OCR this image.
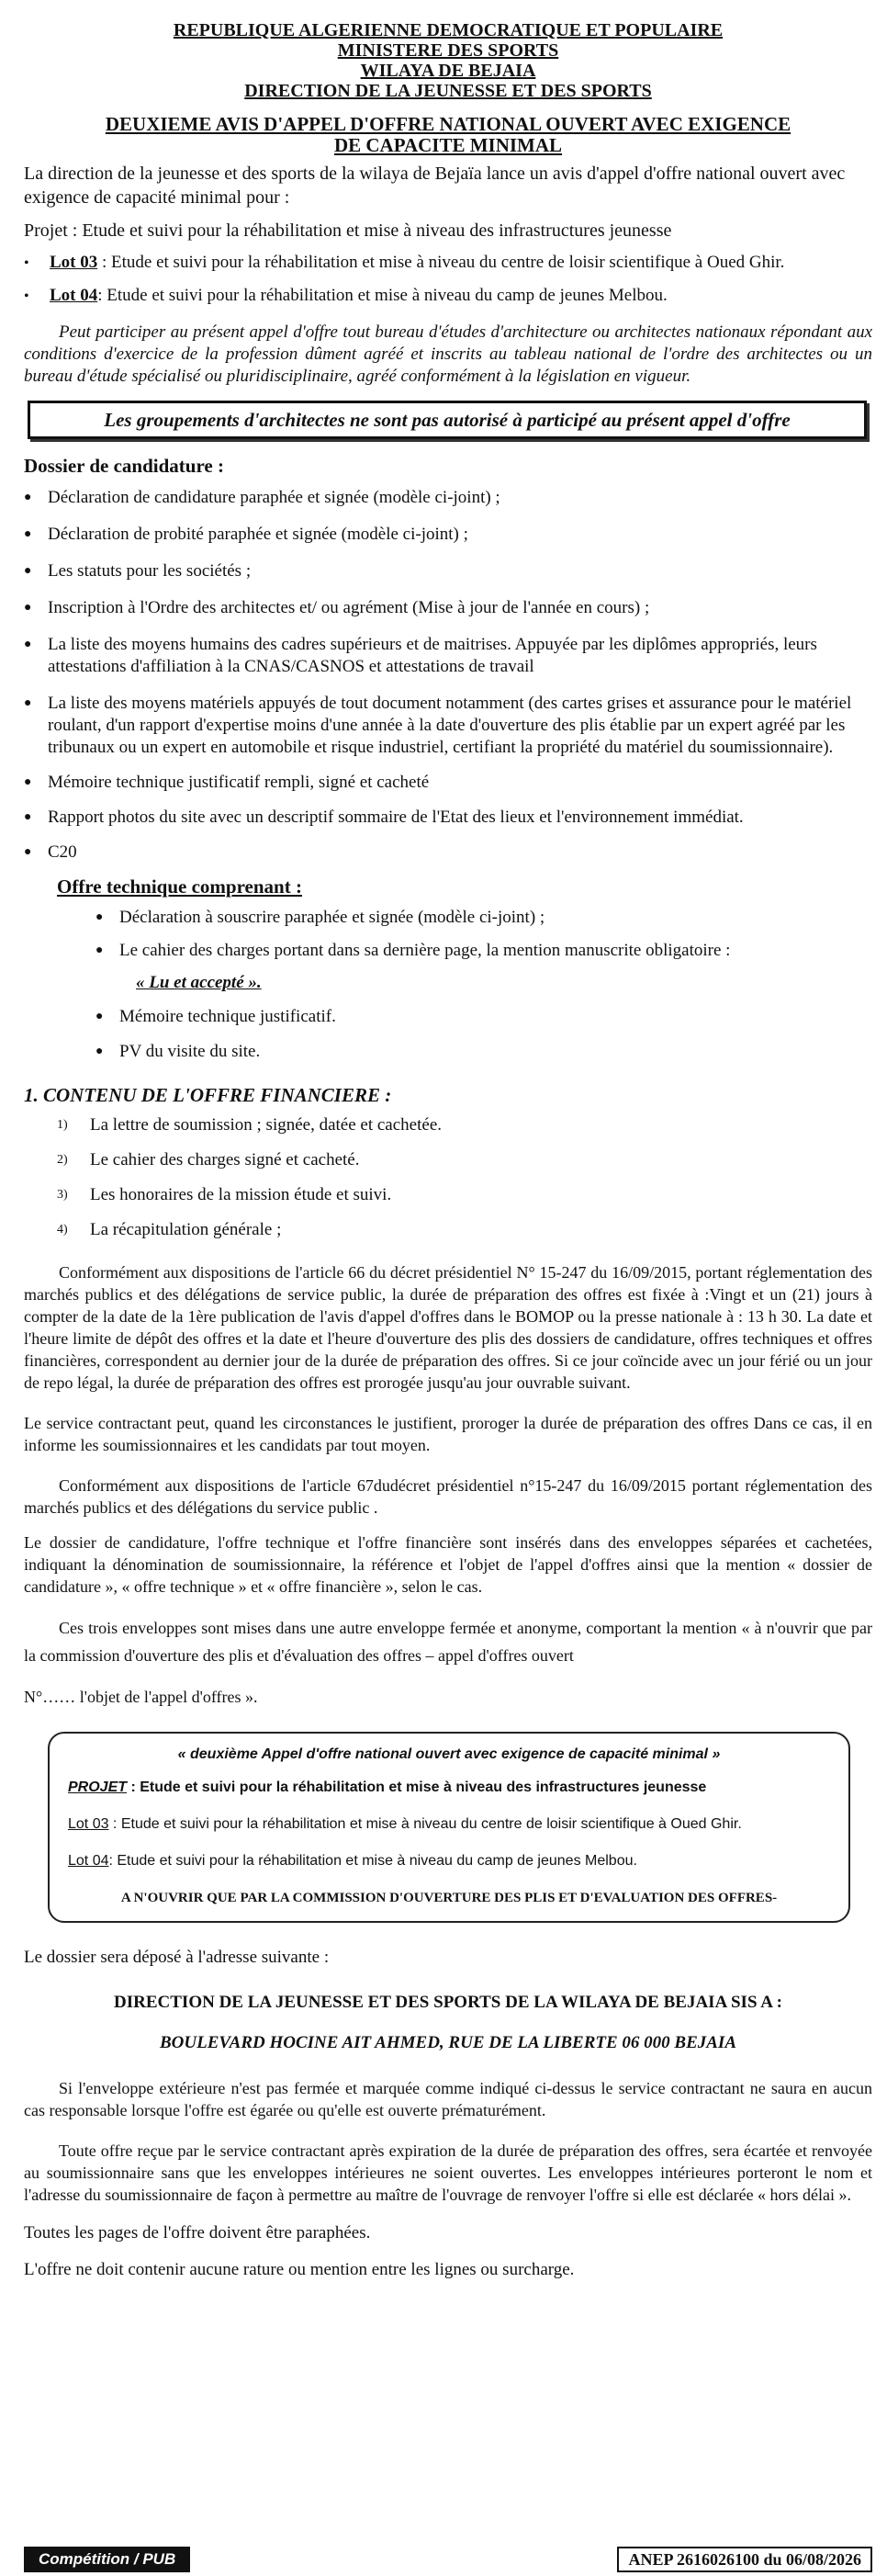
REPUBLIQUE ALGERIENNE DEMOCRATIQUE ET POPULAIRE
MINISTERE DES SPORTS
WILAYA DE BEJAIA
DIRECTION DE LA JEUNESSE ET DES SPORTS
DEUXIEME AVIS D'APPEL D'OFFRE NATIONAL OUVERT AVEC EXIGENCE
DE CAPACITE MINIMAL

La direction de la jeunesse et des sports de la wilaya de Bejaïa lance un avis d'appel d'offre national ouvert avec exigence de capacité minimal pour :

Projet : Etude et suivi pour la réhabilitation et mise à niveau des infrastructures jeunesse

•	Lot 03 : Etude et suivi pour la réhabilitation et mise à niveau du centre de loisir scientifique à Oued Ghir.
•	Lot 04: Etude et suivi pour la réhabilitation et mise à niveau du camp de jeunes Melbou.

Peut participer au présent appel d'offre tout bureau d'études d'architecture ou architectes nationaux répondant aux conditions d'exercice de la profession dûment agréé et inscrits au tableau national de l'ordre des architectes ou un bureau d'étude spécialisé ou pluridisciplinaire, agréé conformément à la législation en vigueur.

Les groupements d'architectes ne sont pas autorisé à participé au présent appel d'offre
Dossier de candidature :
● Déclaration de candidature paraphée et signée (modèle ci-joint) ;
● Déclaration de probité paraphée et signée (modèle ci-joint) ;
● Les statuts pour les sociétés ;
● Inscription à l'Ordre des architectes et/ ou agrément (Mise à jour de l'année en cours) ;
● La liste des moyens humains des cadres supérieurs et de maitrises. Appuyée par les diplômes appropriés, leurs attestations d'affiliation à la CNAS/CASNOS et attestations de travail
● La liste des moyens matériels appuyés de tout document notamment (des cartes grises et assurance pour le matériel roulant, d'un rapport d'expertise moins d'une année à la date d'ouverture des plis établie par un expert agréé par les tribunaux ou un expert en automobile et risque industriel, certifiant la propriété du matériel du soumissionnaire).
● Mémoire technique justificatif rempli, signé et cacheté
● Rapport photos du site avec un descriptif sommaire de l'Etat des lieux et l'environnement immédiat.
● C20
Offre technique comprenant :
● Déclaration à souscrire paraphée et signée (modèle ci-joint) ;
● Le cahier des charges portant dans sa dernière page, la mention manuscrite obligatoire :
« Lu et accepté ».
● Mémoire technique justificatif.
● PV du visite du site.
1. CONTENU DE L'OFFRE FINANCIERE :
1)	La lettre de soumission ; signée, datée et cachetée.
2)	Le cahier des charges signé et cacheté.
3)	Les honoraires de la mission étude et suivi.
4)	La récapitulation générale ;

Conformément aux dispositions de l'article 66 du décret présidentiel N° 15-247 du 16/09/2015, portant réglementation des marchés publics et des délégations de service public, la durée de préparation des offres est fixée à :Vingt et un (21) jours à compter de la date de la 1ère publication de l'avis d'appel d'offres dans le BOMOP ou la presse nationale à : 13 h 30. La date et l'heure limite de dépôt des offres et la date et l'heure d'ouverture des plis des dossiers de candidature, offres techniques et offres financières, correspondent au dernier jour de la durée de préparation des offres. Si ce jour coïncide avec un jour férié ou un jour de repo légal, la durée de préparation des offres est prorogée jusqu'au jour ouvrable suivant.

Le service contractant peut, quand les circonstances le justifient, proroger la durée de préparation des offres Dans ce cas, il en informe les soumissionnaires et les candidats par tout moyen.

Conformément aux dispositions de l'article 67dudécret présidentiel n°15-247 du 16/09/2015 portant réglementation des marchés publics et des délégations du service public .

Le dossier de candidature, l'offre technique et l'offre financière sont insérés dans des enveloppes séparées et cachetées, indiquant la dénomination de soumissionnaire, la référence et l'objet de l'appel d'offres ainsi que la mention « dossier de candidature », « offre technique » et « offre financière », selon le cas.

Ces trois enveloppes sont mises dans une autre enveloppe fermée et anonyme, comportant la mention « à n'ouvrir que par la commission d'ouverture des plis et d'évaluation des offres – appel d'offres ouvert

N°…… l'objet de l'appel d'offres ».

« deuxième Appel d'offre national ouvert avec exigence de capacité minimal »
PROJET : Etude et suivi pour la réhabilitation et mise à niveau des infrastructures jeunesse
Lot 03 : Etude et suivi pour la réhabilitation et mise à niveau du centre de loisir scientifique à Oued Ghir.
Lot 04: Etude et suivi pour la réhabilitation et mise à niveau du camp de jeunes Melbou.
A N'OUVRIR QUE PAR LA COMMISSION D'OUVERTURE DES PLIS ET D'EVALUATION DES OFFRES-

Le dossier sera déposé à l'adresse suivante :

DIRECTION DE LA JEUNESSE ET DES SPORTS DE LA WILAYA DE BEJAIA SIS A :
BOULEVARD HOCINE AIT AHMED, RUE DE LA LIBERTE 06 000 BEJAIA

Si l'enveloppe extérieure n'est pas fermée et marquée comme indiqué ci-dessus le service contractant ne saura en aucun cas responsable lorsque l'offre est égarée ou qu'elle est ouverte prématurément.

Toute offre reçue par le service contractant après expiration de la durée de préparation des offres, sera écartée et renvoyée au soumissionnaire sans que les enveloppes intérieures ne soient ouvertes. Les enveloppes intérieures porteront le nom et l'adresse du soumissionnaire de façon à permettre au maître de l'ouvrage de renvoyer l'offre si elle est déclarée « hors délai ».

Toutes les pages de l'offre doivent être paraphées.

L'offre ne doit contenir aucune rature ou mention entre les lignes ou surcharge.

Compétition / PUB	ANEP 2616026100 du 06/08/2026
